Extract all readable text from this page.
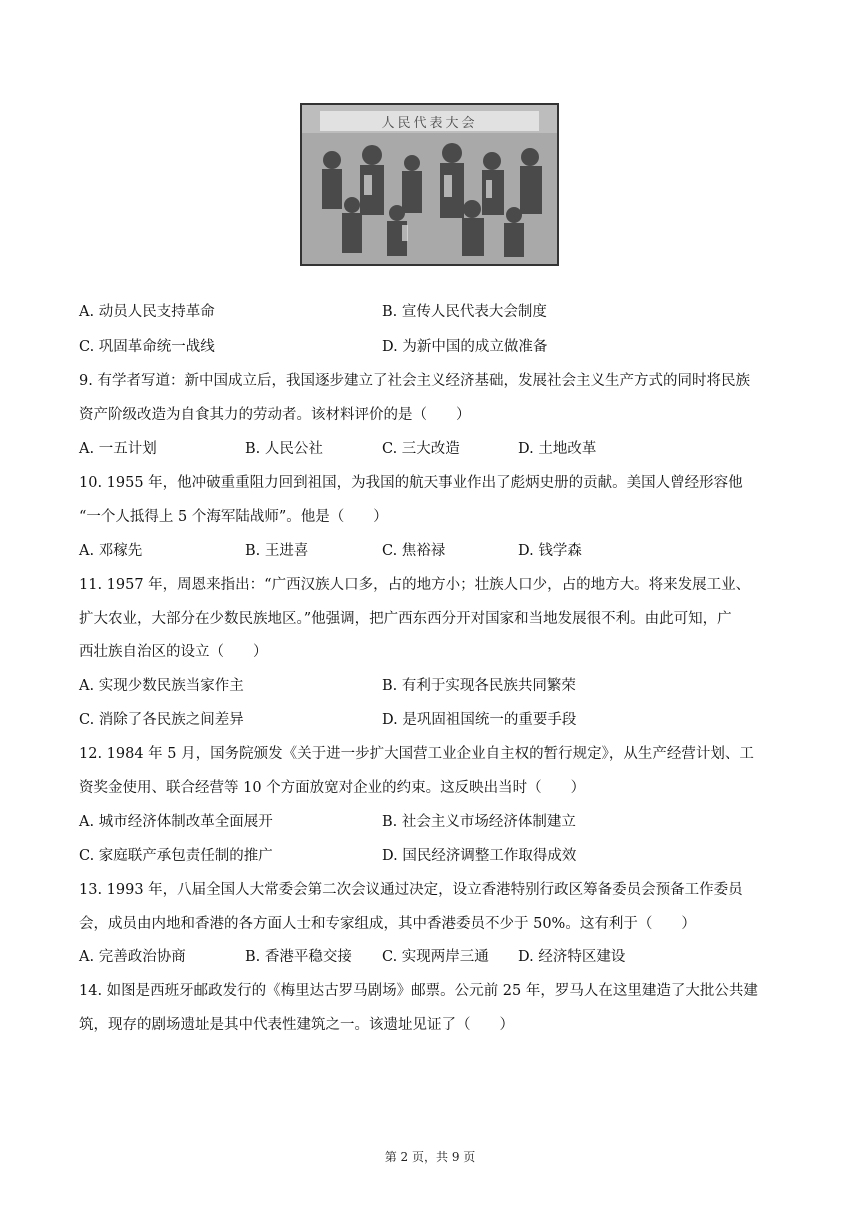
人民代表大会
A. 动员人民支持革命	B. 宣传人民代表大会制度
C. 巩固革命统一战线	D. 为新中国的成立做准备
9. 有学者写道：新中国成立后，我国逐步建立了社会主义经济基础，发展社会主义生产方式的同时将民族
资产阶级改造为自食其力的劳动者。该材料评价的是（　　）
A. 一五计划	B. 人民公社	C. 三大改造	D. 土地改革
10. 1955 年，他冲破重重阻力回到祖国，为我国的航天事业作出了彪炳史册的贡献。美国人曾经形容他
“一个人抵得上 5 个海军陆战师”。他是（　　）
A. 邓稼先	B. 王进喜	C. 焦裕禄	D. 钱学森
11. 1957 年，周恩来指出：“广西汉族人口多，占的地方小；壮族人口少，占的地方大。将来发展工业、
扩大农业，大部分在少数民族地区。”他强调，把广西东西分开对国家和当地发展很不利。由此可知，广
西壮族自治区的设立（　　）
A. 实现少数民族当家作主	B. 有利于实现各民族共同繁荣
C. 消除了各民族之间差异	D. 是巩固祖国统一的重要手段
12. 1984 年 5 月，国务院颁发《关于进一步扩大国营工业企业自主权的暂行规定》，从生产经营计划、工
资奖金使用、联合经营等 10 个方面放宽对企业的约束。这反映出当时（　　）
A. 城市经济体制改革全面展开	B. 社会主义市场经济体制建立
C. 家庭联产承包责任制的推广	D. 国民经济调整工作取得成效
13. 1993 年，八届全国人大常委会第二次会议通过决定，设立香港特别行政区筹备委员会预备工作委员
会，成员由内地和香港的各方面人士和专家组成，其中香港委员不少于 50%。这有利于（　　）
A. 完善政治协商	B. 香港平稳交接 C. 实现两岸三通 D. 经济特区建设
14. 如图是西班牙邮政发行的《梅里达古罗马剧场》邮票。公元前 25 年，罗马人在这里建造了大批公共建
筑，现存的剧场遗址是其中代表性建筑之一。该遗址见证了（　　）
第 2 页，共 9 页
